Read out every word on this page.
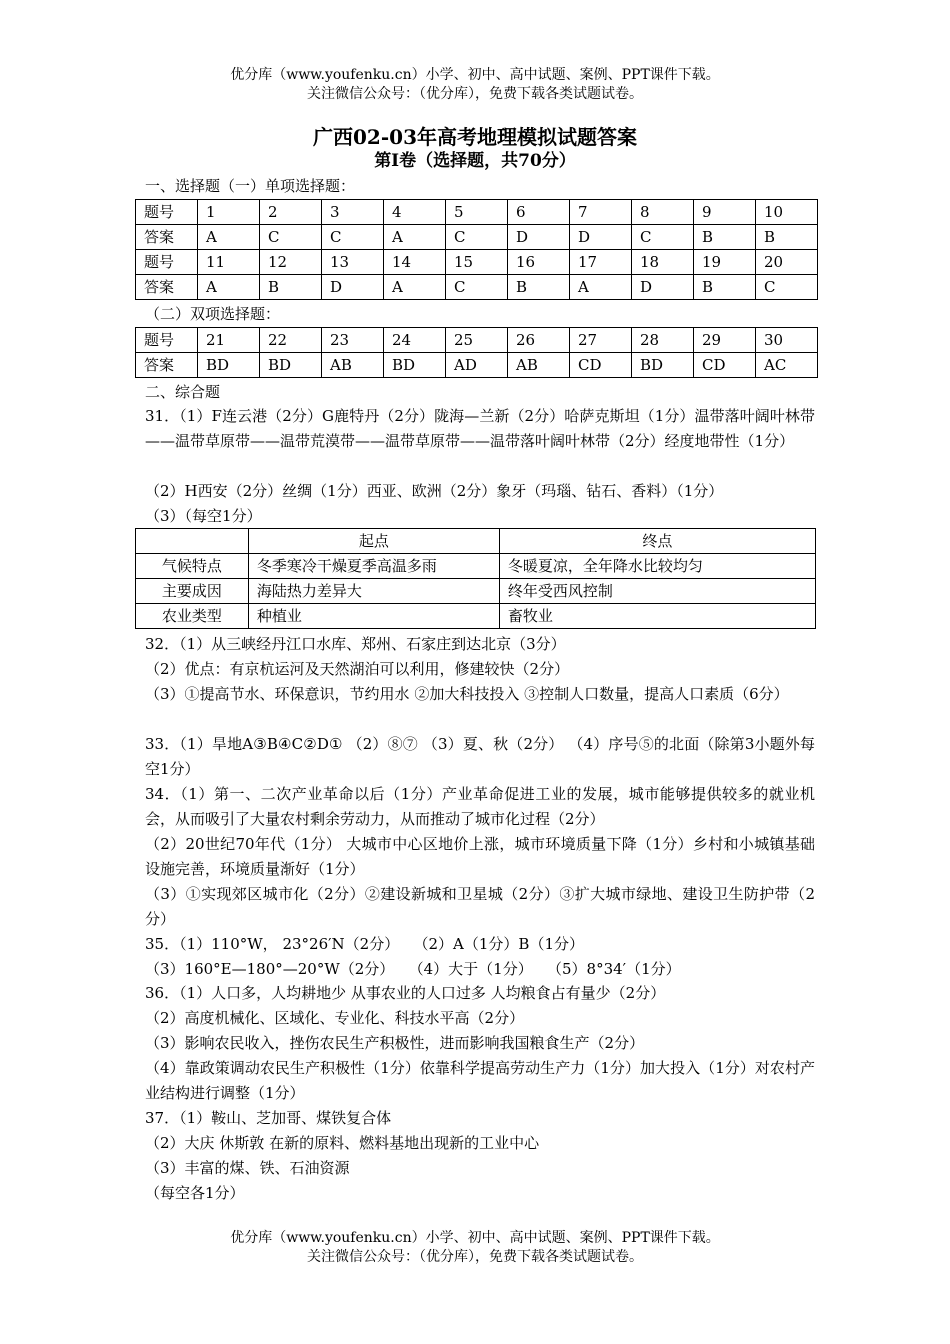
优分库（www.youfenku.cn）小学、初中、高中试题、案例、PPT课件下载。
关注微信公众号：（优分库），免费下载各类试题试卷。
广西02-03年高考地理模拟试题答案
第Ⅰ卷（选择题，共70分）
一、选择题（一）单项选择题：
题号	1	2	3	4	5	6	7	8	9	10
答案	A	C	C	A	C	D	D	C	B	B
题号	11	12	13	14	15	16	17	18	19	20
答案	A	B	D	A	C	B	A	D	B	C
（二）双项选择题：
题号	21	22	23	24	25	26	27	28	29	30
答案	BD	BD	AB	BD	AD	AB	CD	BD	CD	AC
二、综合题
31．（1）F连云港（2分）G鹿特丹（2分）陇海—兰新（2分）哈萨克斯坦（1分）温带落叶阔叶林带——温带草原带——温带荒漠带——温带草原带——温带落叶阔叶林带（2分）经度地带性（1分）
（2）H西安（2分）丝绸（1分）西亚、欧洲（2分）象牙（玛瑙、钻石、香料）（1分）
（3）（每空1分）
	起点	终点
气候特点	冬季寒冷干燥夏季高温多雨	冬暖夏凉，全年降水比较均匀
主要成因	海陆热力差异大	终年受西风控制
农业类型	种植业	畜牧业
32．（1）从三峡经丹江口水库、郑州、石家庄到达北京（3分）
（2）优点：有京杭运河及天然湖泊可以利用，修建较快（2分）
（3）①提高节水、环保意识，节约用水 ②加大科技投入 ③控制人口数量，提高人口素质（6分）
33．（1）旱地A③B④C②D① （2）⑧⑦ （3）夏、秋（2分） （4）序号⑤的北面（除第3小题外每空1分）
34．（1）第一、二次产业革命以后（1分）产业革命促进工业的发展，城市能够提供较多的就业机会，从而吸引了大量农村剩余劳动力，从而推动了城市化过程（2分）
（2）20世纪70年代（1分） 大城市中心区地价上涨，城市环境质量下降（1分）乡村和小城镇基础设施完善，环境质量渐好（1分）
（3）①实现郊区城市化（2分）②建设新城和卫星城（2分）③扩大城市绿地、建设卫生防护带（2分）
35．（1）110°W， 23°26′N（2分）   （2）A（1分）B（1分）
（3）160°E—180°—20°W（2分）   （4）大于（1分）   （5）8°34′（1分）
36．（1）人口多，人均耕地少 从事农业的人口过多 人均粮食占有量少（2分）
（2）高度机械化、区域化、专业化、科技水平高（2分）
（3）影响农民收入，挫伤农民生产积极性，进而影响我国粮食生产（2分）
（4）靠政策调动农民生产积极性（1分）依靠科学提高劳动生产力（1分）加大投入（1分）对农村产业结构进行调整（1分）
37．（1）鞍山、芝加哥、煤铁复合体
（2）大庆 休斯敦 在新的原料、燃料基地出现新的工业中心
（3）丰富的煤、铁、石油资源
（每空各1分）
优分库（www.youfenku.cn）小学、初中、高中试题、案例、PPT课件下载。
关注微信公众号：（优分库），免费下载各类试题试卷。
